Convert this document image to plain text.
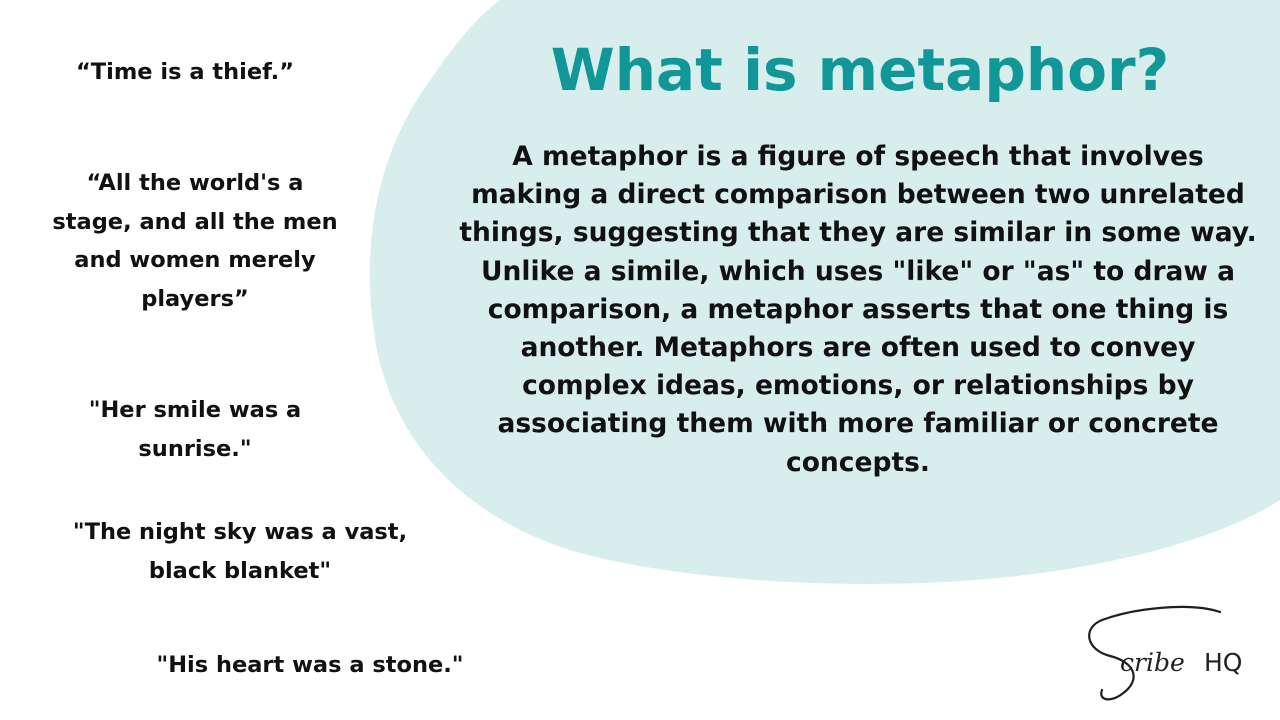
What is metaphor?

A metaphor is a figure of speech that involves making a direct comparison between two unrelated things, suggesting that they are similar in some way. Unlike a simile, which uses "like" or "as" to draw a comparison, a metaphor asserts that one thing is another. Metaphors are often used to convey complex ideas, emotions, or relationships by associating them with more familiar or concrete concepts.

“Time is a thief.”

“All the world's a stage, and all the men and women merely players”

"Her smile was a sunrise."

"The night sky was a vast, black blanket"

"His heart was a stone."	cribe HQ
